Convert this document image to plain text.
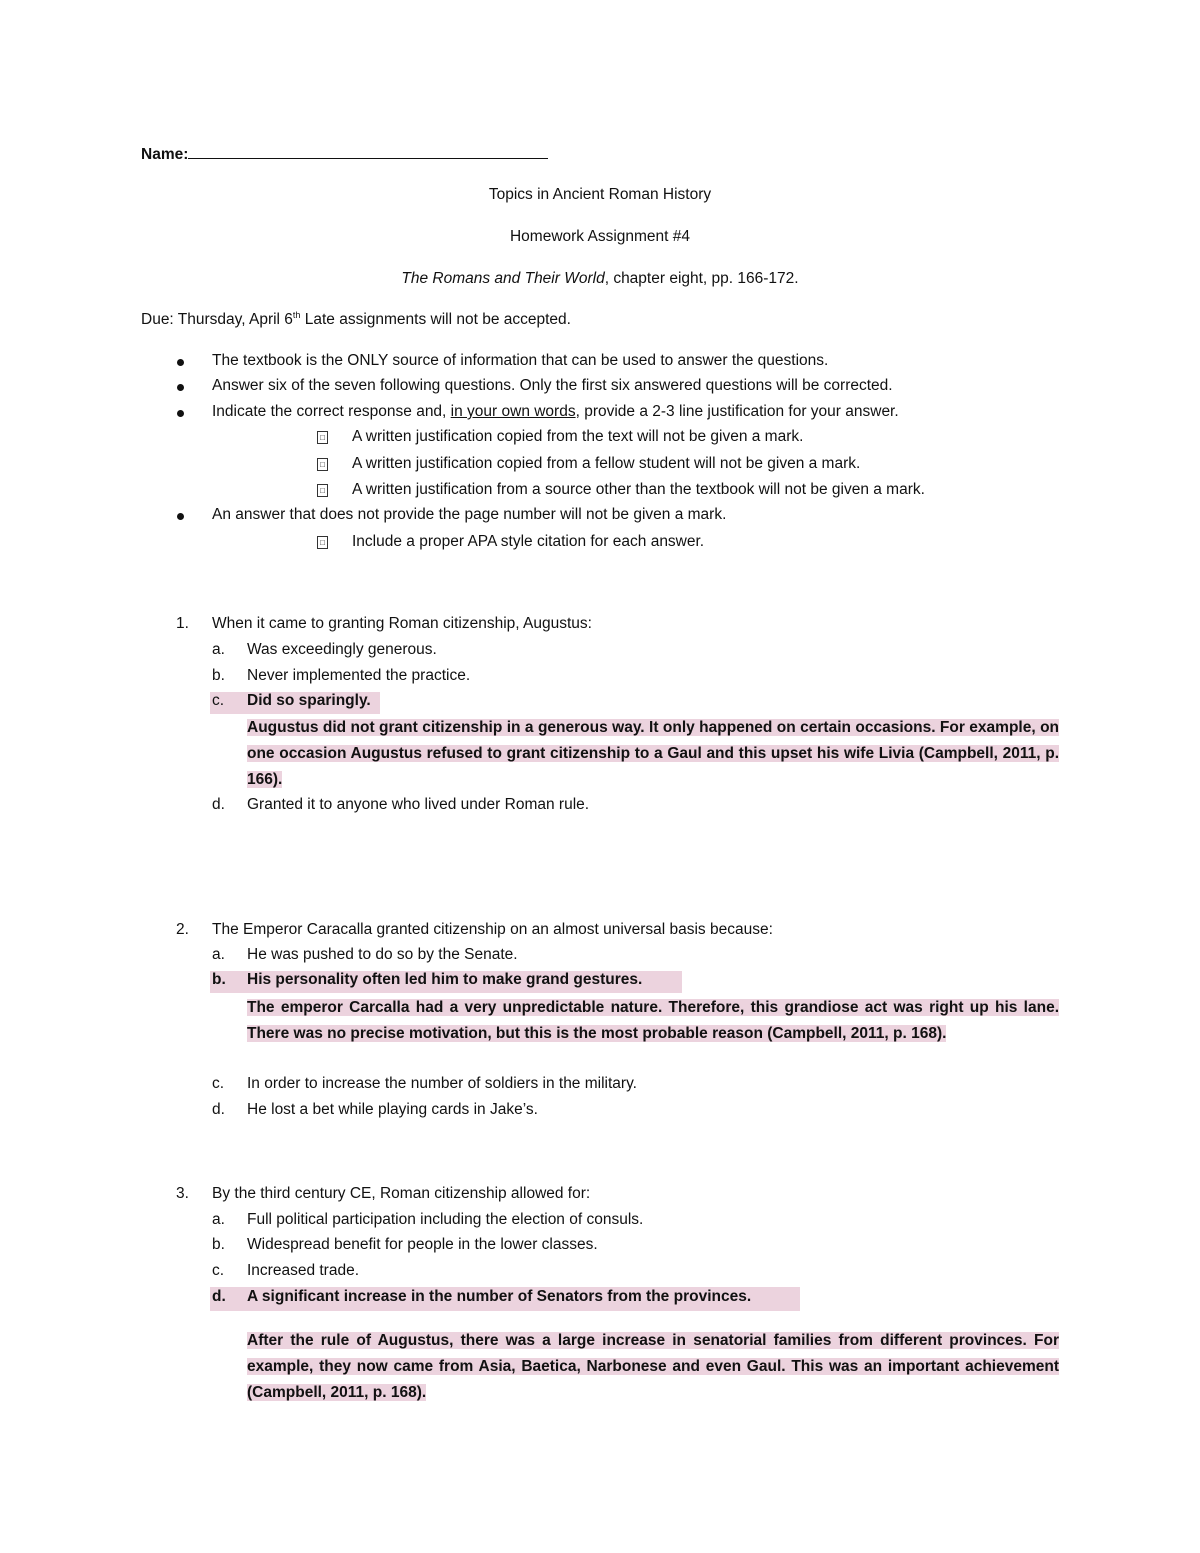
Name:
Topics in Ancient Roman History
Homework Assignment #4
The Romans and Their World, chapter eight, pp. 166-172.
Due: Thursday, April 6th Late assignments will not be accepted.
The textbook is the ONLY source of information that can be used to answer the questions.
Answer six of the seven following questions. Only the first six answered questions will be corrected.
Indicate the correct response and, in your own words, provide a 2-3 line justification for your answer.
□ A written justification copied from the text will not be given a mark.
□ A written justification copied from a fellow student will not be given a mark.
□ A written justification from a source other than the textbook will not be given a mark.
An answer that does not provide the page number will not be given a mark.
□ Include a proper APA style citation for each answer.
1. When it came to granting Roman citizenship, Augustus:
a. Was exceedingly generous.
b. Never implemented the practice.
c. Did so sparingly.
Augustus did not grant citizenship in a generous way. It only happened on certain occasions. For example, on one occasion Augustus refused to grant citizenship to a Gaul and this upset his wife Livia (Campbell, 2011, p. 166).
d. Granted it to anyone who lived under Roman rule.
2. The Emperor Caracalla granted citizenship on an almost universal basis because:
a. He was pushed to do so by the Senate.
b. His personality often led him to make grand gestures.
The emperor Carcalla had a very unpredictable nature. Therefore, this grandiose act was right up his lane. There was no precise motivation, but this is the most probable reason (Campbell, 2011, p. 168).
c. In order to increase the number of soldiers in the military.
d. He lost a bet while playing cards in Jake’s.
3. By the third century CE, Roman citizenship allowed for:
a. Full political participation including the election of consuls.
b. Widespread benefit for people in the lower classes.
c. Increased trade.
d. A significant increase in the number of Senators from the provinces.
After the rule of Augustus, there was a large increase in senatorial families from different provinces. For example, they now came from Asia, Baetica, Narbonese and even Gaul. This was an important achievement (Campbell, 2011, p. 168).
